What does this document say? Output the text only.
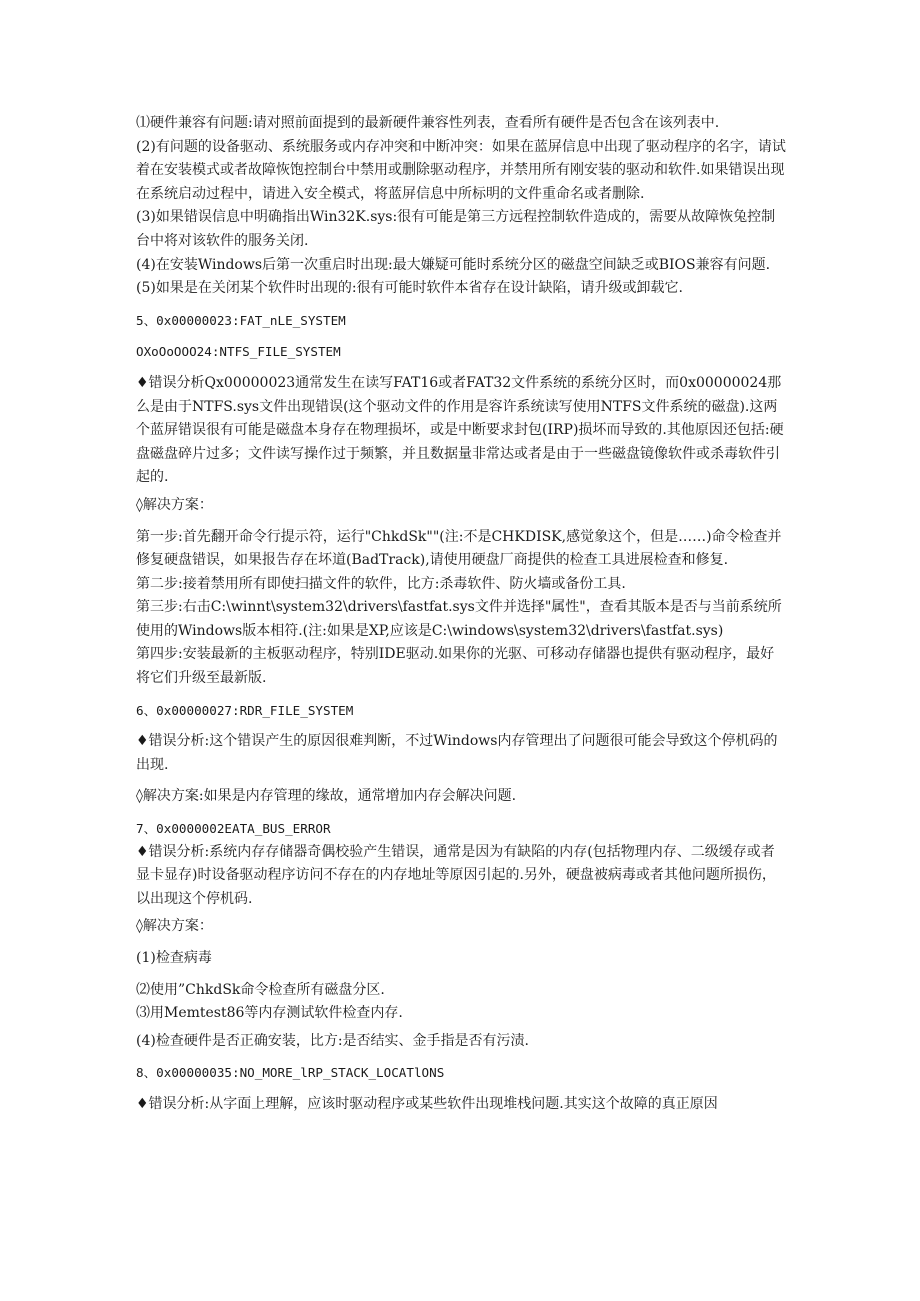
⑴硬件兼容有问题:请对照前面提到的最新硬件兼容性列表，查看所有硬件是否包含在该列表中.

(2)有问题的设备驱动、系统服务或内存冲突和中断冲突：如果在蓝屏信息中出现了驱动程序的名字，请试着在安装模式或者故障恢饱控制台中禁用或删除驱动程序，并禁用所有刚安装的驱动和软件.如果错误出现在系统启动过程中，请进入安全模式，将蓝屏信息中所标明的文件重命名或者删除.

(3)如果错误信息中明确指出Win32K.sys:很有可能是第三方远程控制软件造成的，需要从故障恢兔控制台中将对该软件的服务关闭.

(4)在安装Windows后第一次重启时出现:最大嫌疑可能时系统分区的磁盘空间缺乏或BIOS兼容有问题.

(5)如果是在关闭某个软件时出现的:很有可能时软件本省存在设计缺陷，请升级或卸载它.

5、0x00000023:FAT_nLE_SYSTEM

OXoOoOOO24:NTFS_FILE_SYSTEM

♦错误分析Qx00000023通常发生在读写FAT16或者FAT32文件系统的系统分区时，而0x00000024那么是由于NTFS.sys文件出现错误(这个驱动文件的作用是容许系统读写使用NTFS文件系统的磁盘).这两个蓝屏错误很有可能是磁盘本身存在物理损坏，或是中断要求封包(IRP)损坏而导致的.其他原因还包括:硬盘磁盘碎片过多；文件读写操作过于频繁，并且数据量非常达或者是由于一些磁盘镜像软件或杀毒软件引起的.

◊解决方案：

第一步:首先翻开命令行提示符，运行"ChkdSk""(注:不是CHKDISK,感觉象这个，但是……)命令检查并修复硬盘错误，如果报告存在坏道(BadTrack),请使用硬盘厂商提供的检查工具进展检查和修复.

第二步:接着禁用所有即使扫描文件的软件，比方:杀毒软件、防火墙或备份工具.

第三步:右击C:\winnt\system32\drivers\fastfat.sys文件并选择"属性"，查看其版本是否与当前系统所使用的Windows版本相符.(注:如果是XP,应该是C:\windows\system32\drivers\fastfat.sys)

第四步:安装最新的主板驱动程序，特别IDE驱动.如果你的光驱、可移动存储器也提供有驱动程序，最好将它们升级至最新版.

6、0x00000027:RDR_FILE_SYSTEM

♦错误分析:这个错误产生的原因很难判断，不过Windows内存管理出了问题很可能会导致这个停机码的出现.

◊解决方案:如果是内存管理的缘故，通常增加内存会解决问题.

7、0x0000002EATA_BUS_ERROR

♦错误分析:系统内存存储器奇偶校验产生错误，通常是因为有缺陷的内存(包括物理内存、二级缓存或者显卡显存)时设备驱动程序访问不存在的内存地址等原因引起的.另外，硬盘被病毒或者其他问题所损伤，以出现这个停机码.

◊解决方案：

(1)检查病毒

⑵使用”ChkdSk命令检查所有磁盘分区.

⑶用Memtest86等内存测试软件检查内存.

(4)检查硬件是否正确安装，比方:是否结实、金手指是否有污渍.

8、0x00000035:NO_MORE_lRP_STACK_LOCATlONS

♦错误分析:从字面上理解，应该时驱动程序或某些软件出现堆栈问题.其实这个故障的真正原因
